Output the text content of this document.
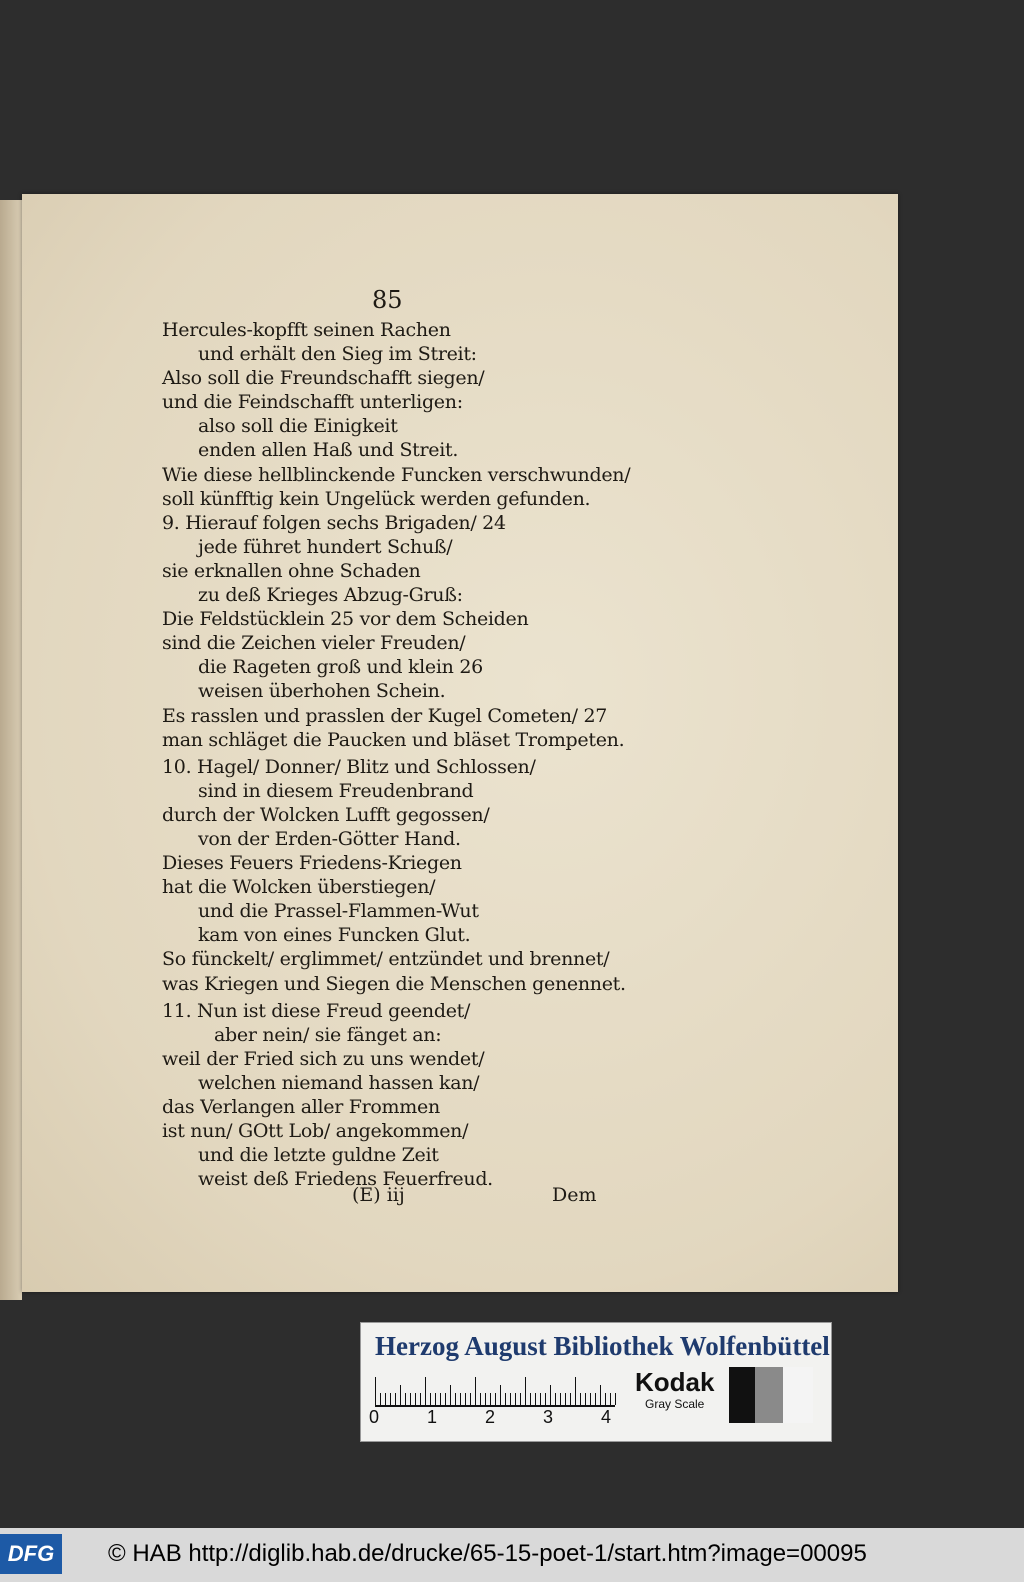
85
Hercules-kopfft seinen Rachen
und erhält den Sieg im Streit:
Also soll die Freundschafft siegen/
und die Feindschafft unterligen:
also soll die Einigkeit
enden allen Haß und Streit.
Wie diese hellblinckende Funcken verschwunden/
soll künfftig kein Ungelück werden gefunden.
9. Hierauf folgen sechs Brigaden/ 24
jede führet hundert Schuß/
sie erknallen ohne Schaden
zu deß Krieges Abzug-Gruß:
Die Feldstücklein 25 vor dem Scheiden
sind die Zeichen vieler Freuden/
die Rageten groß und klein 26
weisen überhohen Schein.
Es rasslen und prasslen der Kugel Cometen/ 27
man schläget die Paucken und bläset Trompeten.
10. Hagel/ Donner/ Blitz und Schlossen/
sind in diesem Freudenbrand
durch der Wolcken Lufft gegossen/
von der Erden-Götter Hand.
Dieses Feuers Friedens-Kriegen
hat die Wolcken überstiegen/
und die Prassel-Flammen-Wut
kam von eines Funcken Glut.
So fünckelt/ erglimmet/ entzündet und brennet/
was Kriegen und Siegen die Menschen genennet.
11. Nun ist diese Freud geendet/
aber nein/ sie fänget an:
weil der Fried sich zu uns wendet/
welchen niemand hassen kan/
das Verlangen aller Frommen
ist nun/ GOtt Lob/ angekommen/
und die letzte guldne Zeit
weist deß Friedens Feuerfreud.
(E) iij	Dem
Herzog August Bibliothek Wolfenbüttel
0	1	2	3	4
Kodak
Gray Scale
DFG	© HAB http://diglib.hab.de/drucke/65-15-poet-1/start.htm?image=00095
